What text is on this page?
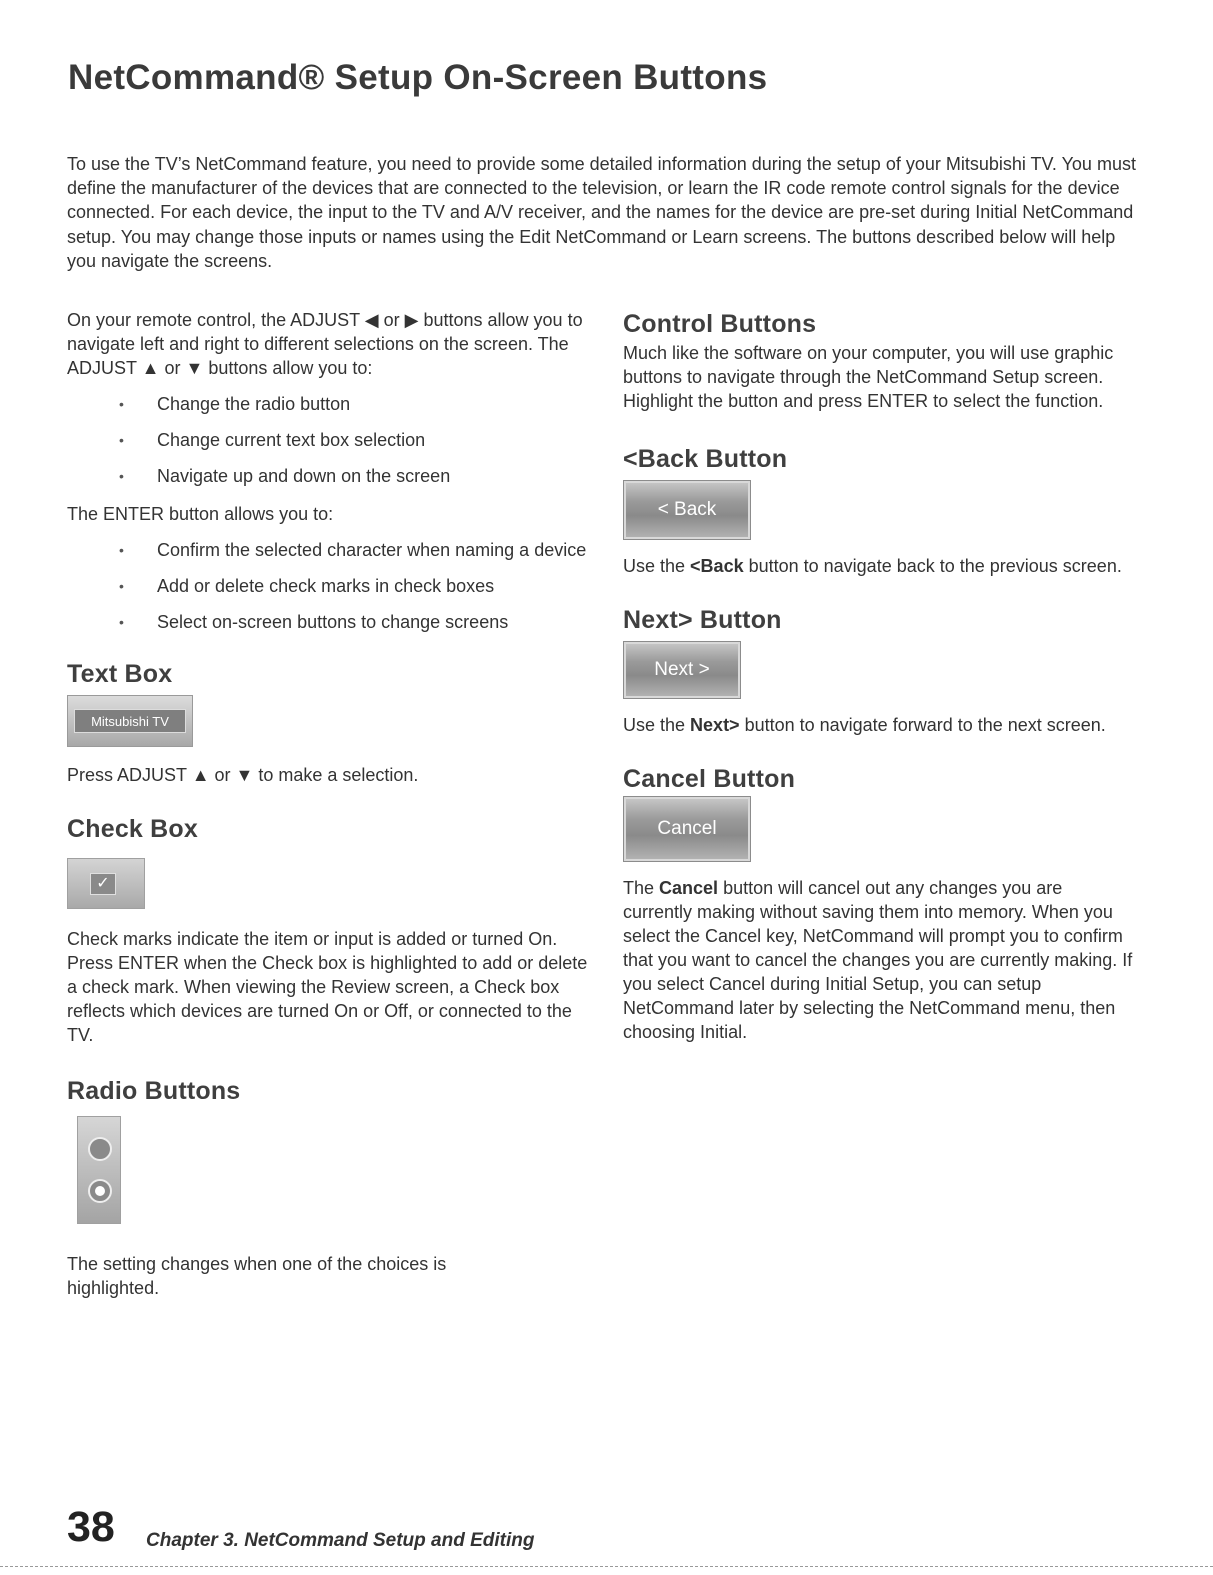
NetCommand® Setup On-Screen Buttons

To use the TV’s NetCommand feature, you need to provide some detailed information during the setup of your Mitsubishi TV. You must define the manufacturer of the devices that are connected to the television, or learn the IR code remote control signals for the device connected. For each device, the input to the TV and A/V receiver, and the names for the device are pre-set during Initial NetCommand setup. You may change those inputs or names using the Edit NetCommand or Learn screens. The buttons described below will help you navigate the screens.

On your remote control, the ADJUST ◀ or ▶ buttons allow you to navigate left and right to different selections on the screen. The ADJUST ▲ or ▼ buttons allow you to:

• Change the radio button
• Change current text box selection
• Navigate up and down on the screen

The ENTER button allows you to:

• Confirm the selected character when naming a device
• Add or delete check marks in check boxes
• Select on-screen buttons to change screens
Text Box
Mitsubishi TV

Press ADJUST ▲ or ▼ to make a selection.

Check Box
✓

Check marks indicate the item or input is added or turned On. Press ENTER when the Check box is highlighted to add or delete a check mark. When viewing the Review screen, a Check box reflects which devices are turned On or Off, or connected to the TV.

Radio Buttons

The setting changes when one of the choices is highlighted.

Control Buttons

Much like the software on your computer, you will use graphic buttons to navigate through the NetCommand Setup screen. Highlight the button and press ENTER to select the function.

<Back Button
< Back

Use the <Back button to navigate back to the previous screen.

Next> Button
Next >

Use the Next> button to navigate forward to the next screen.

Cancel Button
Cancel

The Cancel button will cancel out any changes you are currently making without saving them into memory. When you select the Cancel key, NetCommand will prompt you to confirm that you want to cancel the changes you are currently making. If you select Cancel during Initial Setup, you can setup NetCommand later by selecting the NetCommand menu, then choosing Initial.

38 Chapter 3. NetCommand Setup and Editing
